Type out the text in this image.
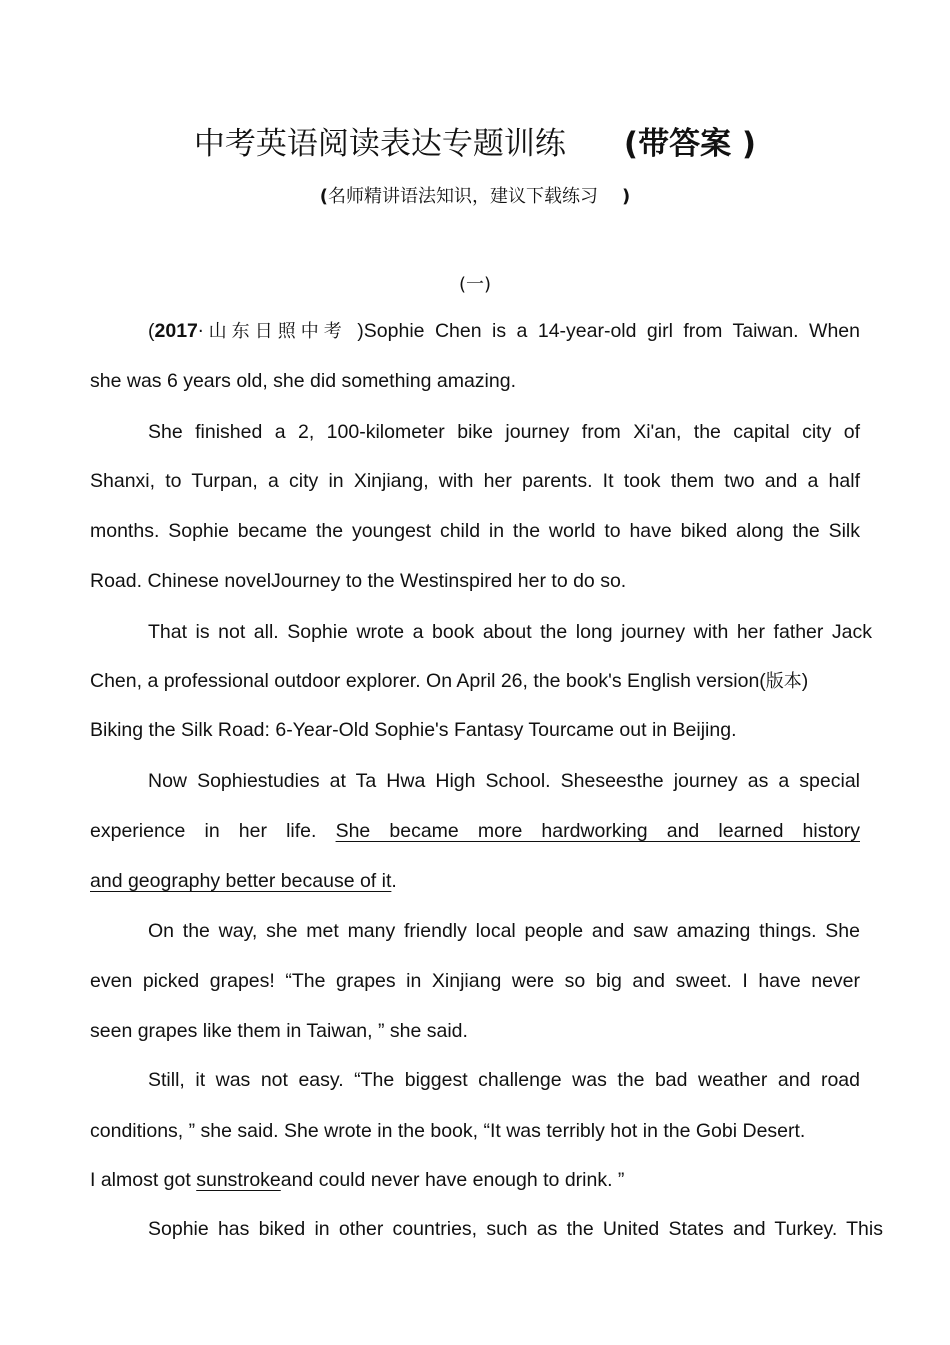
中考英语阅读表达专题训练 (带答案 )
(名师精讲语法知识，建议下载练习 )
(一)
(2017·山东日照中考 )Sophie Chen is a 14-year-old girl from Taiwan. When
she was 6 years old, she did something amazing.
She finished a 2, 100-kilometer bike journey from Xi'an, the capital city of
Shanxi, to Turpan, a city in Xinjiang, with her parents. It took them two and a half
months. Sophie became the youngest child in the world to have biked along the Silk
Road. Chinese novelJourney to the Westinspired her to do so.
That is not all. Sophie wrote a book about the long journey with her father Jack
Chen, a professional outdoor explorer. On April 26, the book's English version(版本)
Biking the Silk Road: 6-Year-Old Sophie's Fantasy Tourcame out in Beijing.
Now Sophiestudies at Ta Hwa High School. Sheseesthe journey as a special
experience in her life. She became more hardworking and learned history
and geography better because of it.
On the way, she met many friendly local people and saw amazing things. She
even picked grapes! “The grapes in Xinjiang were so big and sweet. I have never
seen grapes like them in Taiwan, ” she said.
Still, it was not easy. “The biggest challenge was the bad weather and road
conditions, ” she said. She wrote in the book, “It was terribly hot in the Gobi Desert.
I almost got sunstrokeand could never have enough to drink. ”
Sophie has biked in other countries, such as the United States and Turkey. This
